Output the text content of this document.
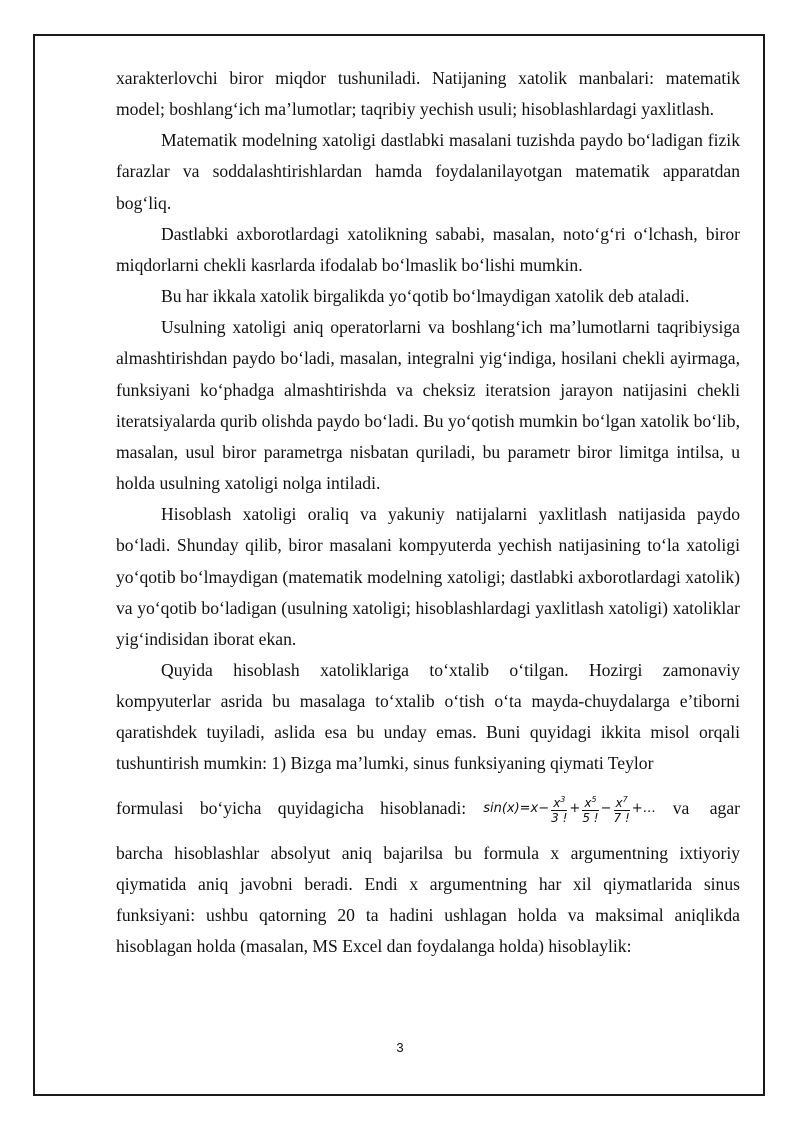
xarakterlovchi biror miqdor tushuniladi. Natijaning xatolik manbalari: matematik model; boshlang‘ich ma’lumotlar; taqribiy yechish usuli; hisoblashlardagi yaxlitlash.

Matematik modelning xatoligi dastlabki masalani tuzishda paydo bo‘ladigan fizik farazlar va soddalashtirishlardan hamda foydalanilayotgan matematik apparatdan bog‘liq.

Dastlabki axborotlardagi xatolikning sababi, masalan, noto‘g‘ri o‘lchash, biror miqdorlarni chekli kasrlarda ifodalab bo‘lmaslik bo‘lishi mumkin.

Bu har ikkala xatolik birgalikda yo‘qotib bo‘lmaydigan xatolik deb ataladi.

Usulning xatoligi aniq operatorlarni va boshlang‘ich ma’lumotlarni taqribiysiga almashtirishdan paydo bo‘ladi, masalan, integralni yig‘indiga, hosilani chekli ayirmaga, funksiyani ko‘phadga almashtirishda va cheksiz iteratsion jarayon natijasini chekli iteratsiyalarda qurib olishda paydo bo‘ladi. Bu yo‘qotish mumkin bo‘lgan xatolik bo‘lib, masalan, usul biror parametrga nisbatan quriladi, bu parametr biror limitga intilsa, u holda usulning xatoligi nolga intiladi.

Hisoblash xatoligi oraliq va yakuniy natijalarni yaxlitlash natijasida paydo bo‘ladi. Shunday qilib, biror masalani kompyuterda yechish natijasining to‘la xatoligi yo‘qotib bo‘lmaydigan (matematik modelning xatoligi; dastlabki axborotlardagi xatolik) va yo‘qotib bo‘ladigan (usulning xatoligi; hisoblashlardagi yaxlitlash xatoligi) xatoliklar yig‘indisidan iborat ekan.

Quyida hisoblash xatoliklariga to‘xtalib o‘tilgan. Hozirgi zamonaviy kompyuterlar asrida bu masalaga to‘xtalib o‘tish o‘ta mayda-chuydalarga e’tiborni qaratishdek tuyiladi, aslida esa bu unday emas. Buni quyidagi ikkita misol orqali tushuntirish mumkin: 1) Bizga ma’lumki, sinus funksiyaning qiymati Teylor

formulasi bo‘yicha quyidagicha hisoblanadi: $\sin(x)=x- \frac{x^3}{3 !} + \frac{x^5}{5 !} - \frac{x^7}{7 !}$ +… va agar

barcha hisoblashlar absolyut aniq bajarilsa bu formula x argumentning ixtiyoriy qiymatida aniq javobni beradi. Endi x argumentning har xil qiymatlarida sinus funksiyani: ushbu qatorning 20 ta hadini ushlagan holda va maksimal aniqlikda hisoblagan holda (masalan, MS Excel dan foydalanga holda) hisoblaylik:

3
